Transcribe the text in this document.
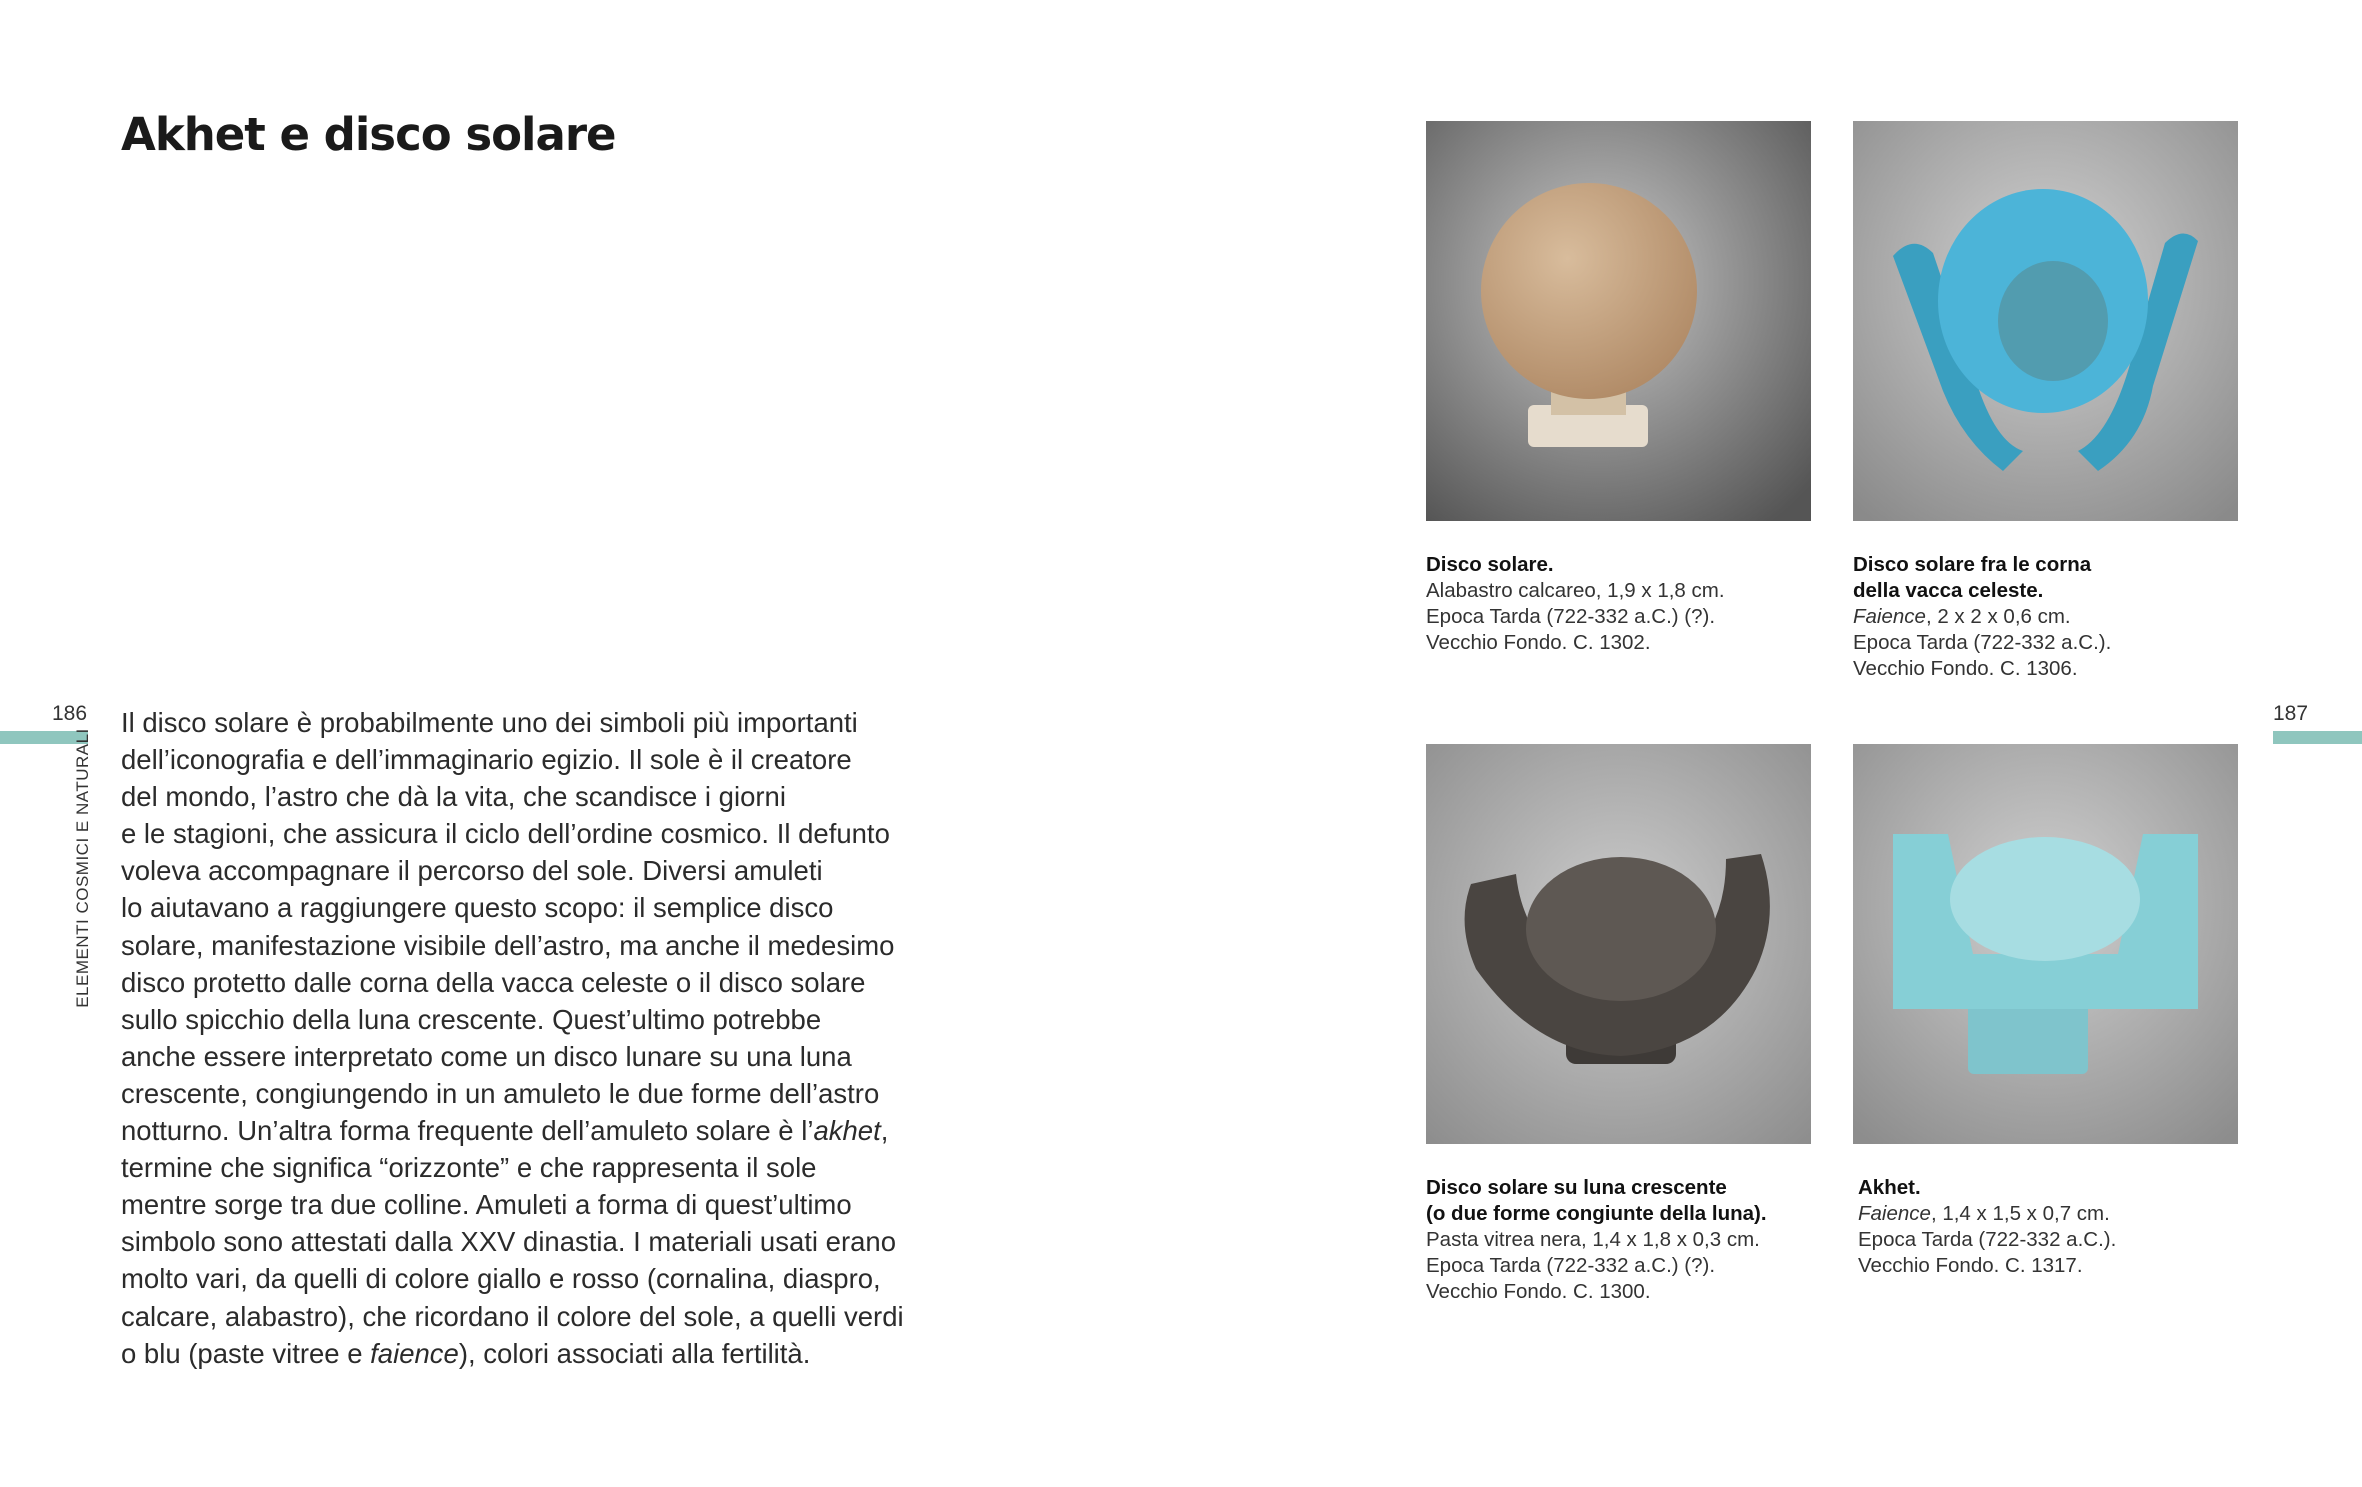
Akhet e disco solare
186
ELEMENTI COSMICI E NATURALI
187
Il disco solare è probabilmente uno dei simboli più importanti
dell’iconografia e dell’immaginario egizio. Il sole è il creatore
del mondo, l’astro che dà la vita, che scandisce i giorni
e le stagioni, che assicura il ciclo dell’ordine cosmico. Il defunto
voleva accompagnare il percorso del sole. Diversi amuleti
lo aiutavano a raggiungere questo scopo: il semplice disco
solare, manifestazione visibile dell’astro, ma anche il medesimo
disco protetto dalle corna della vacca celeste o il disco solare
sullo spicchio della luna crescente. Quest’ultimo potrebbe
anche essere interpretato come un disco lunare su una luna
crescente, congiungendo in un amuleto le due forme dell’astro
notturno. Un’altra forma frequente dell’amuleto solare è l’akhet,
termine che significa “orizzonte” e che rappresenta il sole
mentre sorge tra due colline. Amuleti a forma di quest’ultimo
simbolo sono attestati dalla XXV dinastia. I materiali usati erano
molto vari, da quelli di colore giallo e rosso (cornalina, diaspro,
calcare, alabastro), che ricordano il colore del sole, a quelli verdi
o blu (paste vitree e faience), colori associati alla fertilità.
Disco solare.
Alabastro calcareo, 1,9 x 1,8 cm.
Epoca Tarda (722-332 a.C.) (?).
Vecchio Fondo. C. 1302.
Disco solare fra le corna
della vacca celeste.
Faience, 2 x 2 x 0,6 cm.
Epoca Tarda (722-332 a.C.).
Vecchio Fondo. C. 1306.
Disco solare su luna crescente
(o due forme congiunte della luna).
Pasta vitrea nera, 1,4 x 1,8 x 0,3 cm.
Epoca Tarda (722-332 a.C.) (?).
Vecchio Fondo. C. 1300.
Akhet.
Faience, 1,4 x 1,5 x 0,7 cm.
Epoca Tarda (722-332 a.C.).
Vecchio Fondo. C. 1317.
